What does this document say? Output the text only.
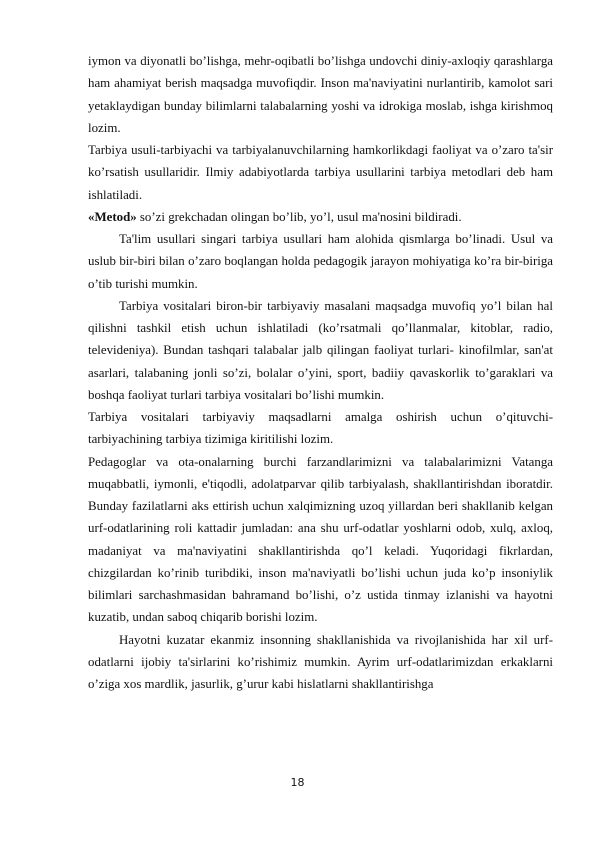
iymon va diyonatli bo’lishga, mehr-oqibatli bo’lishga undovchi diniy-axloqiy qarashlarga ham ahamiyat berish maqsadga muvofiqdir. Inson ma'naviyatini nurlantirib, kamolot sari yetaklaydigan bunday bilimlarni talabalarning yoshi va idrokiga moslab, ishga kirishmoq lozim.

Tarbiya usuli-tarbiyachi va tarbiyalanuvchilarning hamkorlikdagi faoliyat va o’zaro ta'sir ko’rsatish usullaridir. Ilmiy adabiyotlarda tarbiya usullarini tarbiya metodlari deb ham ishlatiladi.

«Metod» so’zi grekchadan olingan bo’lib, yo’l, usul ma'nosini bildiradi.

Ta'lim usullari singari tarbiya usullari ham alohida qismlarga bo’linadi. Usul va uslub bir-biri bilan o’zaro boqlangan holda pedagogik jarayon mohiyatiga ko’ra bir-biriga o’tib turishi mumkin.

Tarbiya vositalari biron-bir tarbiyaviy masalani maqsadga muvofiq yo’l bilan hal qilishni tashkil etish uchun ishlatiladi (ko’rsatmali qo’llanmalar, kitoblar, radio, televideniya). Bundan tashqari talabalar jalb qilingan faoliyat turlari- kinofilmlar, san'at asarlari, talabaning jonli so’zi, bolalar o’yini, sport, badiiy qavaskorlik to’garaklari va boshqa faoliyat turlari tarbiya vositalari bo’lishi mumkin.

Tarbiya vositalari tarbiyaviy maqsadlarni amalga oshirish uchun o’qituvchi-tarbiyachining tarbiya tizimiga kiritilishi lozim.

Pedagoglar va ota-onalarning burchi farzandlarimizni va talabalarimizni Vatanga muqabbatli, iymonli, e'tiqodli, adolatparvar qilib tarbiyalash, shakllantirishdan iboratdir. Bunday fazilatlarni aks ettirish uchun xalqimizning uzoq yillardan beri shakllanib kelgan urf-odatlarining roli kattadir jumladan: ana shu urf-odatlar yoshlarni odob, xulq, axloq, madaniyat va ma'naviyatini shakllantirishda qo’l keladi. Yuqoridagi fikrlardan, chizgilardan ko’rinib turibdiki, inson ma'naviyatli bo’lishi uchun juda ko’p insoniylik bilimlari sarchashmasidan bahramand bo’lishi, o’z ustida tinmay izlanishi va hayotni kuzatib, undan saboq chiqarib borishi lozim.

Hayotni kuzatar ekanmiz insonning shakllanishida va rivojlanishida har xil urf-odatlarni ijobiy ta'sirlarini ko’rishimiz mumkin. Ayrim urf-odatlarimizdan erkaklarni o’ziga xos mardlik, jasurlik, g’urur kabi hislatlarni shakllantirishga

18
